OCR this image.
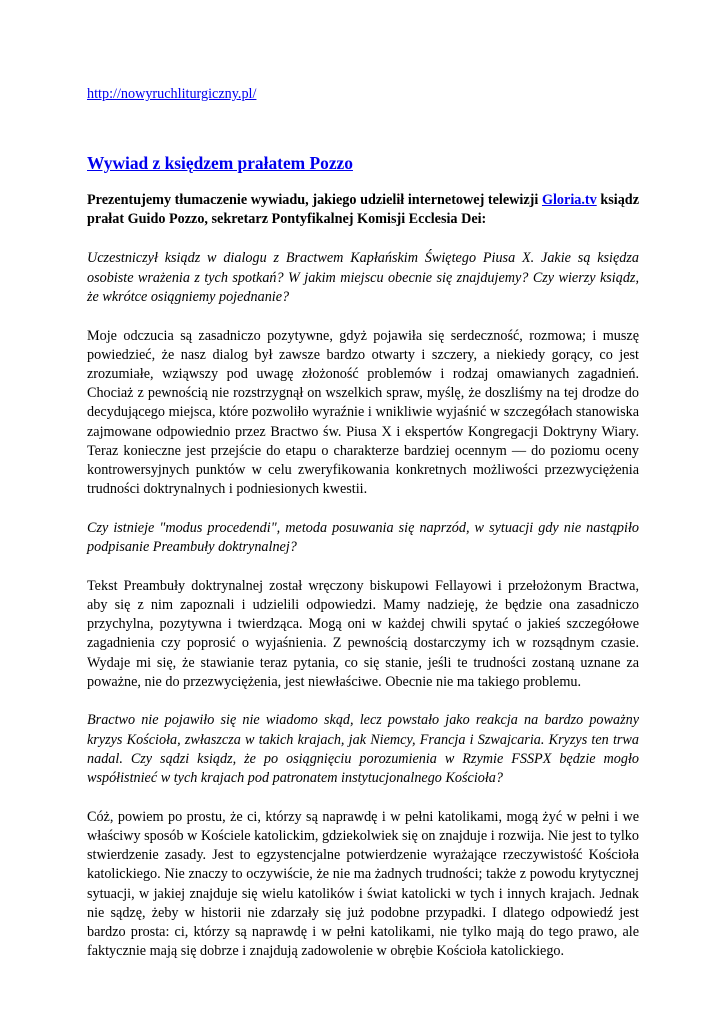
http://nowyruchliturgiczny.pl/
Wywiad z księdzem prałatem Pozzo

Prezentujemy tłumaczenie wywiadu, jakiego udzielił internetowej telewizji Gloria.tv ksiądz prałat Guido Pozzo, sekretarz Pontyfikalnej Komisji Ecclesia Dei:

Uczestniczył ksiądz w dialogu z Bractwem Kapłańskim Świętego Piusa X. Jakie są księdza osobiste wrażenia z tych spotkań? W jakim miejscu obecnie się znajdujemy? Czy wierzy ksiądz, że wkrótce osiągniemy pojednanie?

Moje odczucia są zasadniczo pozytywne, gdyż pojawiła się serdeczność, rozmowa; i muszę powiedzieć, że nasz dialog był zawsze bardzo otwarty i szczery, a niekiedy gorący, co jest zrozumiałe, wziąwszy pod uwagę złożoność problemów i rodzaj omawianych zagadnień. Chociaż z pewnością nie rozstrzygnął on wszelkich spraw, myślę, że doszliśmy na tej drodze do decydującego miejsca, które pozwoliło wyraźnie i wnikliwie wyjaśnić w szczegółach stanowiska zajmowane odpowiednio przez Bractwo św. Piusa X i ekspertów Kongregacji Doktryny Wiary. Teraz konieczne jest przejście do etapu o charakterze bardziej ocennym — do poziomu oceny kontrowersyjnych punktów w celu zweryfikowania konkretnych możliwości przezwyciężenia trudności doktrynalnych i podniesionych kwestii.

Czy istnieje "modus procedendi", metoda posuwania się naprzód, w sytuacji gdy nie nastąpiło podpisanie Preambuły doktrynalnej?

Tekst Preambuły doktrynalnej został wręczony biskupowi Fellayowi i przełożonym Bractwa, aby się z nim zapoznali i udzielili odpowiedzi. Mamy nadzieję, że będzie ona zasadniczo przychylna, pozytywna i twierdząca. Mogą oni w każdej chwili spytać o jakieś szczegółowe zagadnienia czy poprosić o wyjaśnienia. Z pewnością dostarczymy ich w rozsądnym czasie. Wydaje mi się, że stawianie teraz pytania, co się stanie, jeśli te trudności zostaną uznane za poważne, nie do przezwyciężenia, jest niewłaściwe. Obecnie nie ma takiego problemu.

Bractwo nie pojawiło się nie wiadomo skąd, lecz powstało jako reakcja na bardzo poważny kryzys Kościoła, zwłaszcza w takich krajach, jak Niemcy, Francja i Szwajcaria. Kryzys ten trwa nadal. Czy sądzi ksiądz, że po osiągnięciu porozumienia w Rzymie FSSPX będzie mogło współistnieć w tych krajach pod patronatem instytucjonalnego Kościoła?

Cóż, powiem po prostu, że ci, którzy są naprawdę i w pełni katolikami, mogą żyć w pełni i we właściwy sposób w Kościele katolickim, gdziekolwiek się on znajduje i rozwija. Nie jest to tylko stwierdzenie zasady. Jest to egzystencjalne potwierdzenie wyrażające rzeczywistość Kościoła katolickiego. Nie znaczy to oczywiście, że nie ma żadnych trudności; także z powodu krytycznej sytuacji, w jakiej znajduje się wielu katolików i świat katolicki w tych i innych krajach. Jednak nie sądzę, żeby w historii nie zdarzały się już podobne przypadki. I dlatego odpowiedź jest bardzo prosta: ci, którzy są naprawdę i w pełni katolikami, nie tylko mają do tego prawo, ale faktycznie mają się dobrze i znajdują zadowolenie w obrębie Kościoła katolickiego.
